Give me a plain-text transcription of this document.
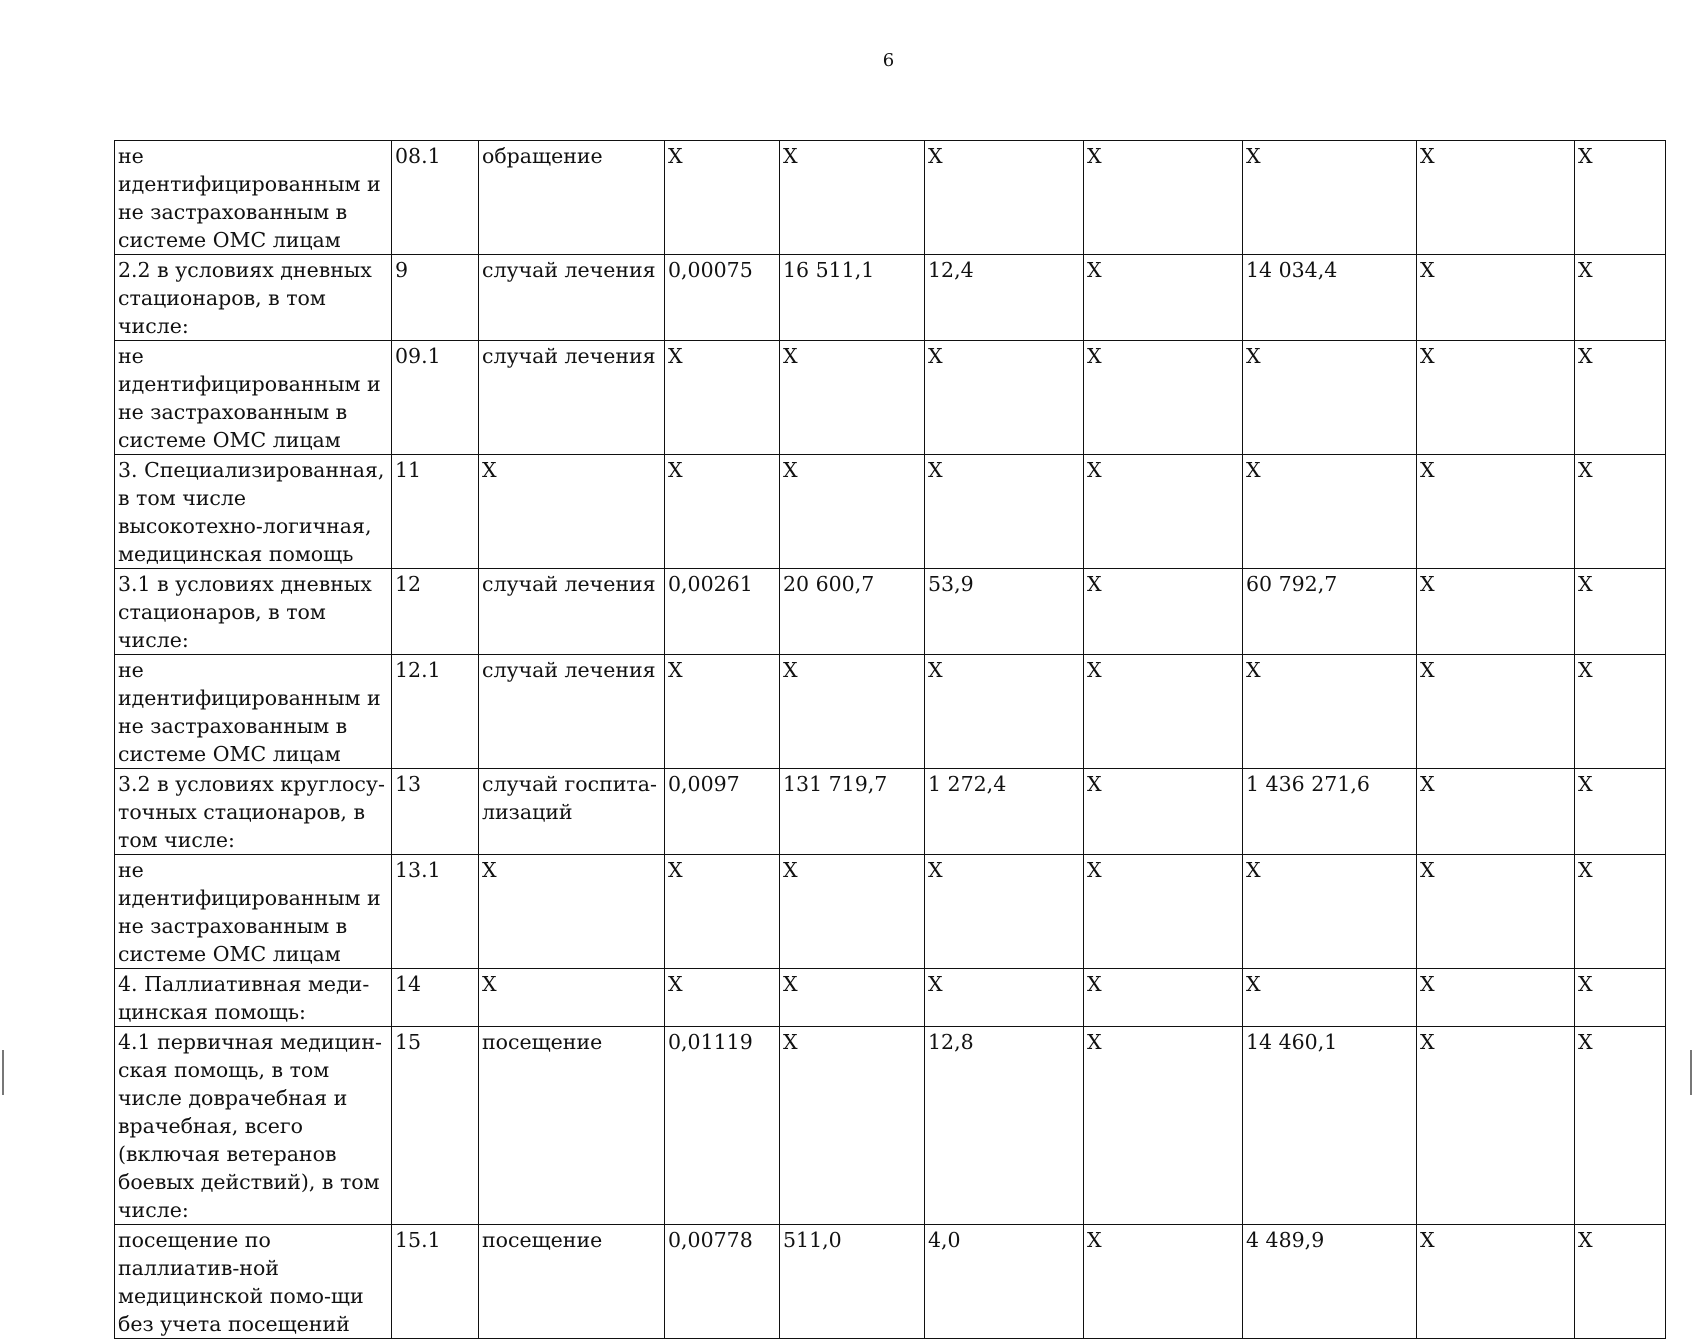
6
не идентифицированным и не застрахованным в системе ОМС лицам	08.1	обращение	X	X	X	X	X	X	X
2.2 в условиях дневных стационаров, в том числе:	9	случай лечения	0,00075	16 511,1	12,4	X	14 034,4	X	X
не идентифицированным и не застрахованным в системе ОМС лицам	09.1	случай лечения	X	X	X	X	X	X	X
3. Специализированная, в том числе высокотехно-логичная, медицинская помощь	11	X	X	X	X	X	X	X	X
3.1 в условиях дневных стационаров, в том числе:	12	случай лечения	0,00261	20 600,7	53,9	X	60 792,7	X	X
не идентифицированным и не застрахованным в системе ОМС лицам	12.1	случай лечения	X	X	X	X	X	X	X
3.2 в условиях круглосу-точных стационаров, в том числе:	13	случай госпита-лизаций	0,0097	131 719,7	1 272,4	X	1 436 271,6	X	X
не идентифицированным и не застрахованным в системе ОМС лицам	13.1	X	X	X	X	X	X	X	X
4. Паллиативная меди-цинская помощь:	14	X	X	X	X	X	X	X	X
4.1 первичная медицин-ская помощь, в том числе доврачебная и врачебная, всего (включая ветеранов боевых действий), в том числе:	15	посещение	0,01119	X	12,8	X	14 460,1	X	X
посещение по паллиатив-ной медицинской помо-щи без учета посещений	15.1	посещение	0,00778	511,0	4,0	X	4 489,9	X	X
